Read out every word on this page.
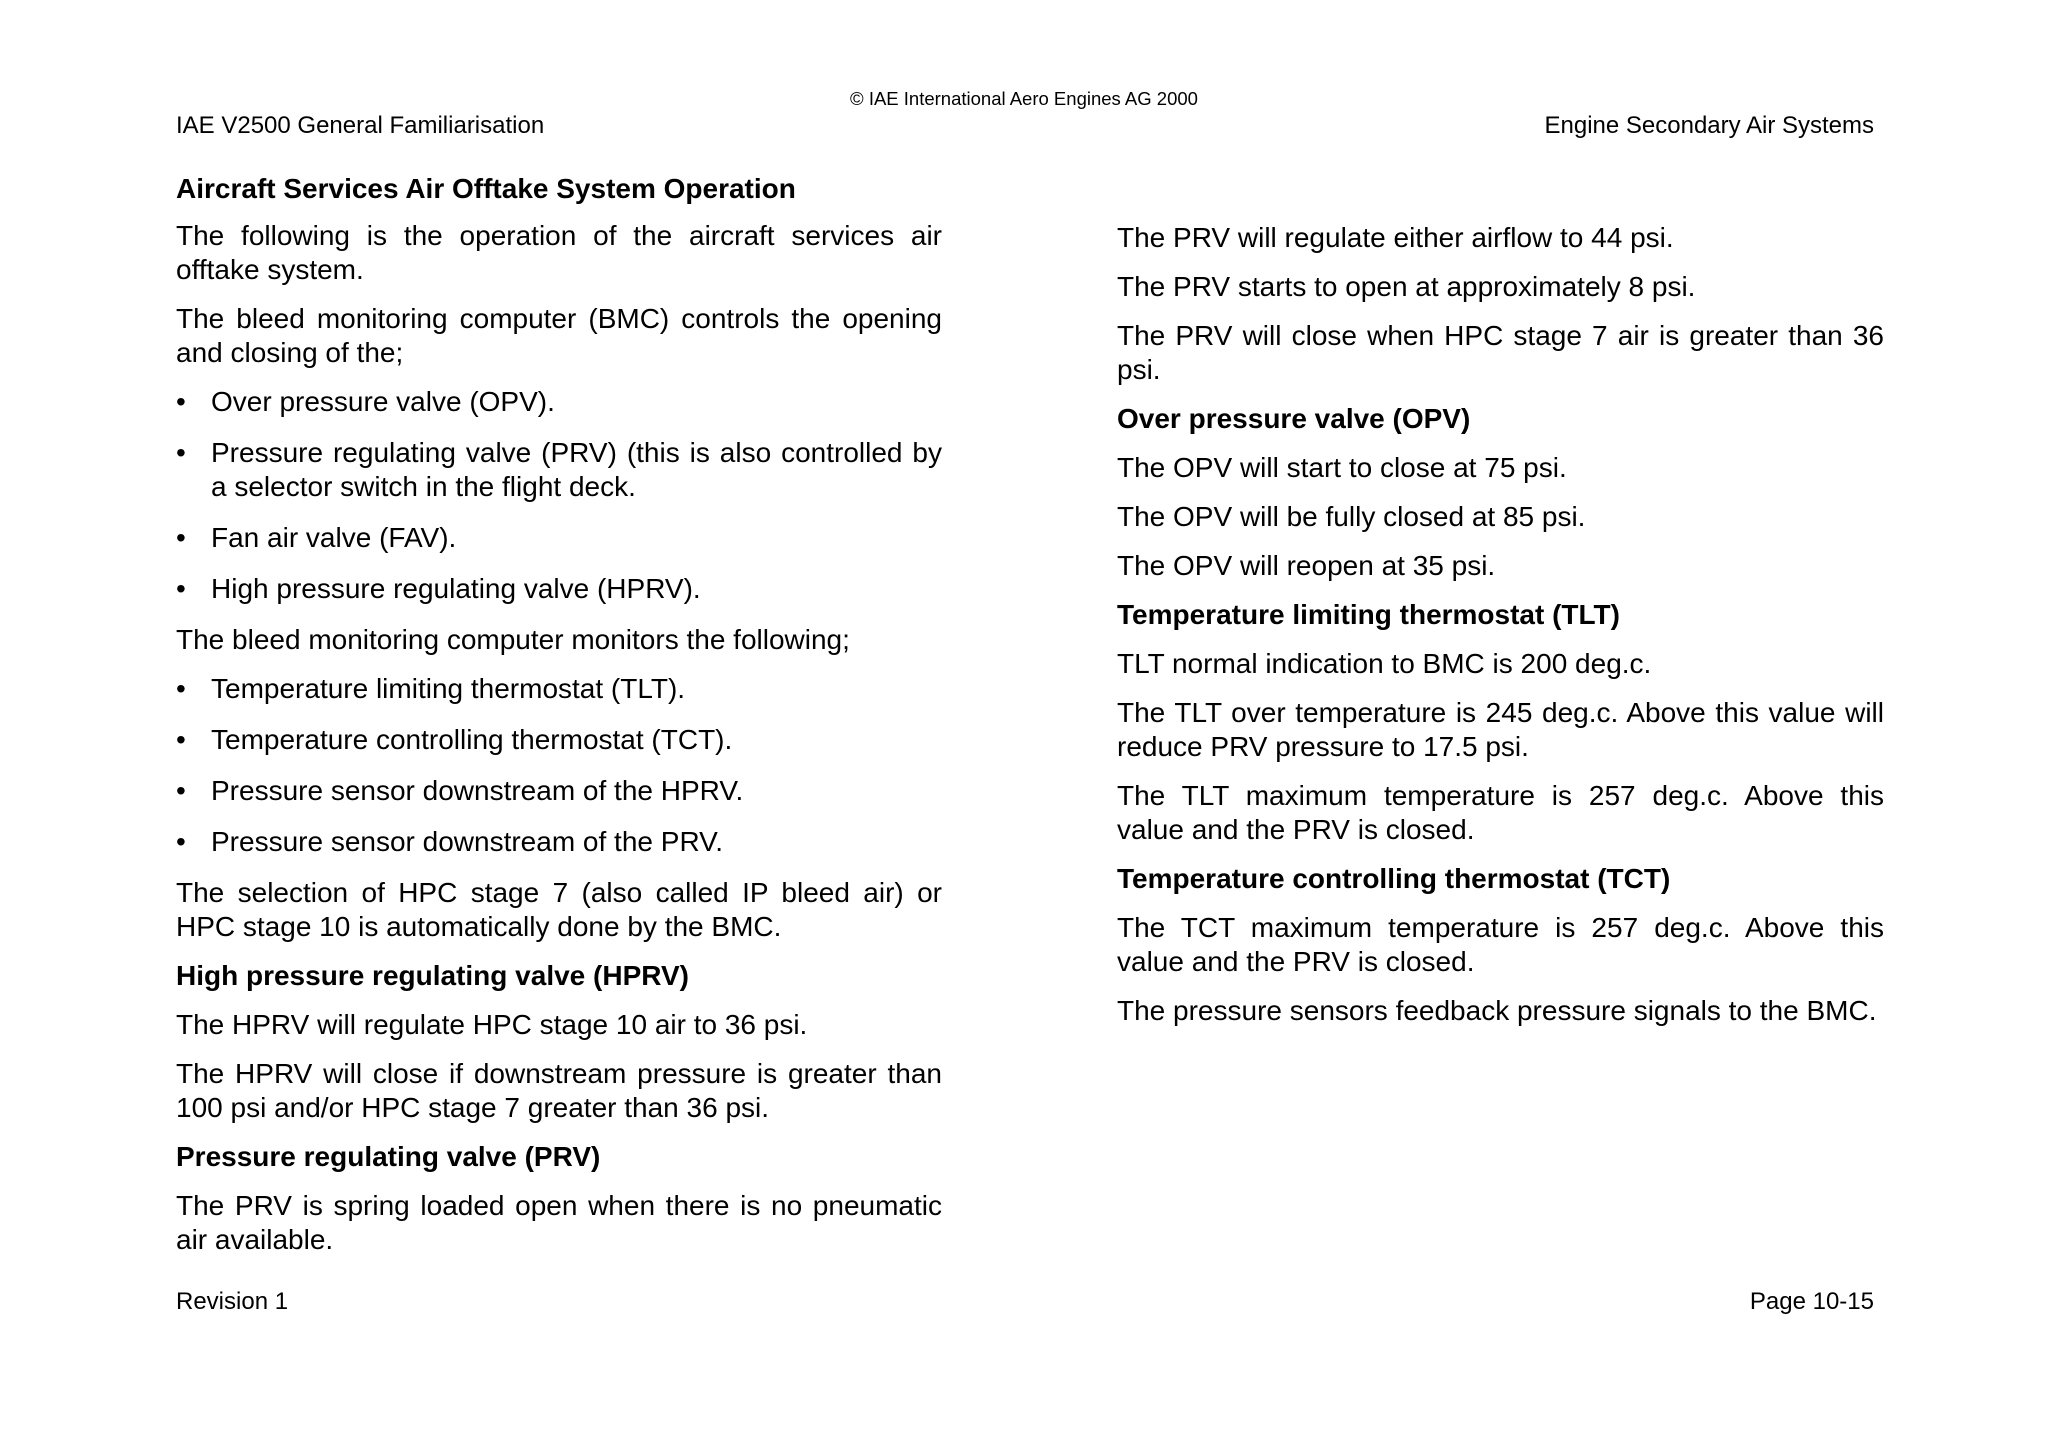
© IAE International Aero Engines AG 2000
IAE V2500 General Familiarisation	Engine Secondary Air Systems
Aircraft Services Air Offtake System Operation

The following is the operation of the aircraft services air offtake system.

The bleed monitoring computer (BMC) controls the opening and closing of the;

• Over pressure valve (OPV).
• Pressure regulating valve (PRV) (this is also controlled by a selector switch in the flight deck.
• Fan air valve (FAV).
• High pressure regulating valve (HPRV).

The bleed monitoring computer monitors the following;

• Temperature limiting thermostat (TLT).
• Temperature controlling thermostat (TCT).
• Pressure sensor downstream of the HPRV.
• Pressure sensor downstream of the PRV.

The selection of HPC stage 7 (also called IP bleed air) or HPC stage 10 is automatically done by the BMC.

High pressure regulating valve (HPRV)

The HPRV will regulate HPC stage 10 air to 36 psi.

The HPRV will close if downstream pressure is greater than 100 psi and/or HPC stage 7 greater than 36 psi.

Pressure regulating valve (PRV)

The PRV is spring loaded open when there is no pneumatic air available.

The PRV will regulate either airflow to 44 psi.

The PRV starts to open at approximately 8 psi.

The PRV will close when HPC stage 7 air is greater than 36 psi.

Over pressure valve (OPV)

The OPV will start to close at 75 psi.

The OPV will be fully closed at 85 psi.

The OPV will reopen at 35 psi.

Temperature limiting thermostat (TLT)

TLT normal indication to BMC is 200 deg.c.

The TLT over temperature is 245 deg.c. Above this value will reduce PRV pressure to 17.5 psi.

The TLT maximum temperature is 257 deg.c. Above this value and the PRV is closed.

Temperature controlling thermostat (TCT)

The TCT maximum temperature is 257 deg.c. Above this value and the PRV is closed.

The pressure sensors feedback pressure signals to the BMC.

Revision 1	Page 10-15
